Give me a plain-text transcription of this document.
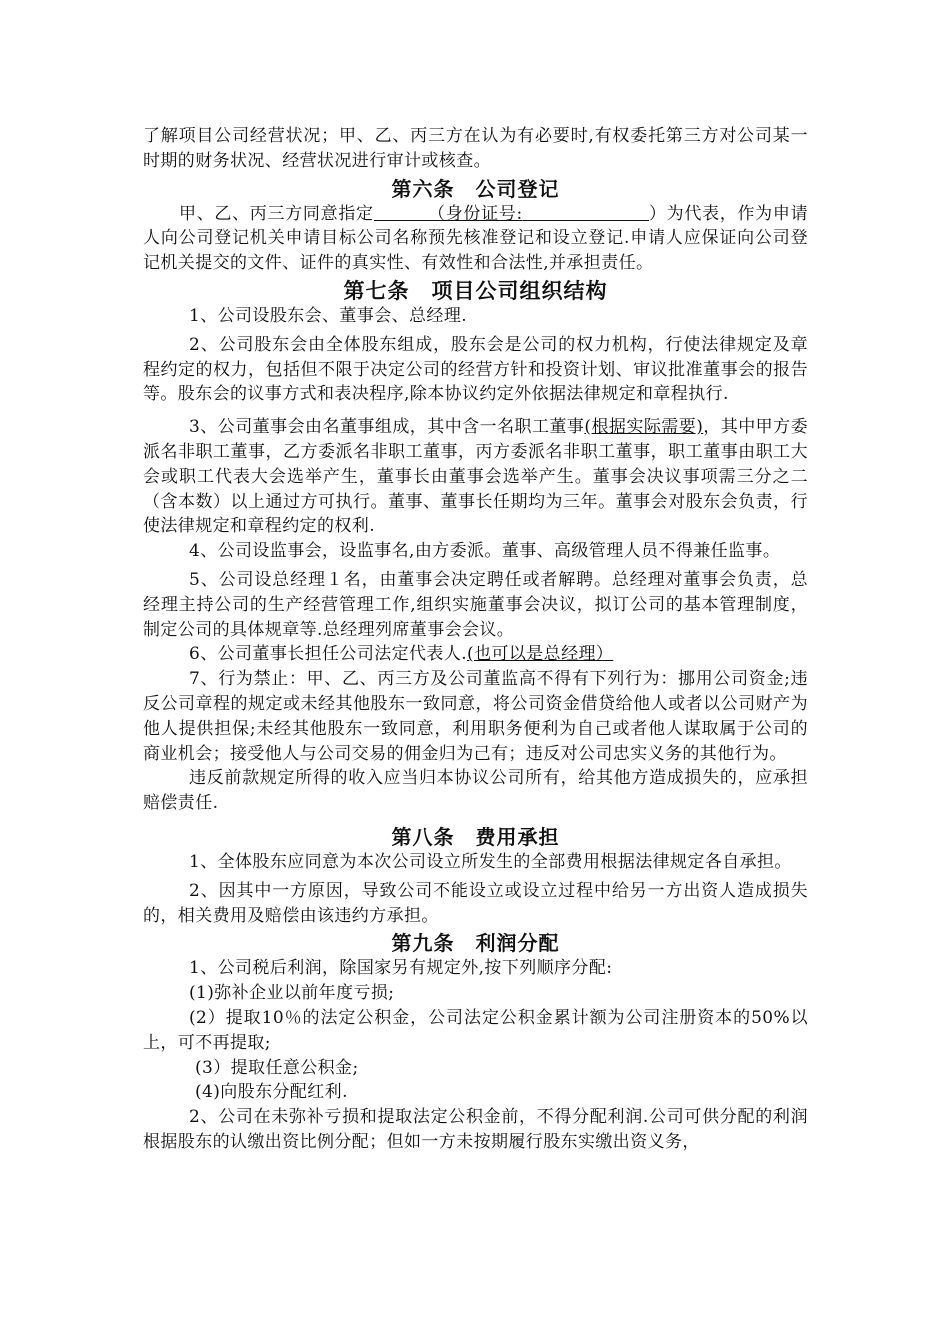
了解项目公司经营状况；甲、乙、丙三方在认为有必要时,有权委托第三方对公司某一时期的财务状况、经营状况进行审计或核查。

第六条　公司登记

甲、乙、丙三方同意指定	（身份证号:	）为代表，作为申请人向公司登记机关申请目标公司名称预先核准登记和设立登记.申请人应保证向公司登记机关提交的文件、证件的真实性、有效性和合法性,并承担责任。

第七条　项目公司组织结构

1、公司设股东会、董事会、总经理.

2、公司股东会由全体股东组成，股东会是公司的权力机构，行使法律规定及章程约定的权力，包括但不限于决定公司的经营方针和投资计划、审议批准董事会的报告等。股东会的议事方式和表决程序,除本协议约定外依据法律规定和章程执行.

3、公司董事会由名董事组成，其中含一名职工董事(根据实际需要)，其中甲方委派名非职工董事，乙方委派名非职工董事，丙方委派名非职工董事，职工董事由职工大会或职工代表大会选举产生，董事长由董事会选举产生。董事会决议事项需三分之二（含本数）以上通过方可执行。董事、董事长任期均为三年。董事会对股东会负责，行使法律规定和章程约定的权利.

4、公司设监事会，设监事名,由方委派。董事、高级管理人员不得兼任监事。

5、公司设总经理１名，由董事会决定聘任或者解聘。总经理对董事会负责，总经理主持公司的生产经营管理工作,组织实施董事会决议，拟订公司的基本管理制度，制定公司的具体规章等.总经理列席董事会会议。

6、公司董事长担任公司法定代表人.(也可以是总经理）

7、行为禁止：甲、乙、丙三方及公司董监高不得有下列行为：挪用公司资金;违反公司章程的规定或未经其他股东一致同意，将公司资金借贷给他人或者以公司财产为他人提供担保;未经其他股东一致同意，利用职务便利为自己或者他人谋取属于公司的商业机会；接受他人与公司交易的佣金归为己有；违反对公司忠实义务的其他行为。

违反前款规定所得的收入应当归本协议公司所有，给其他方造成损失的，应承担赔偿责任.

第八条　费用承担

1、全体股东应同意为本次公司设立所发生的全部费用根据法律规定各自承担。

2、因其中一方原因，导致公司不能设立或设立过程中给另一方出资人造成损失的，相关费用及赔偿由该违约方承担。

第九条　利润分配

1、公司税后利润，除国家另有规定外,按下列顺序分配:

(1)弥补企业以前年度亏损;

(2）提取10％的法定公积金，公司法定公积金累计额为公司注册资本的50%以上，可不再提取;

(3）提取任意公积金;

(4)向股东分配红利.

2、公司在未弥补亏损和提取法定公积金前，不得分配利润.公司可供分配的利润根据股东的认缴出资比例分配；但如一方未按期履行股东实缴出资义务，
